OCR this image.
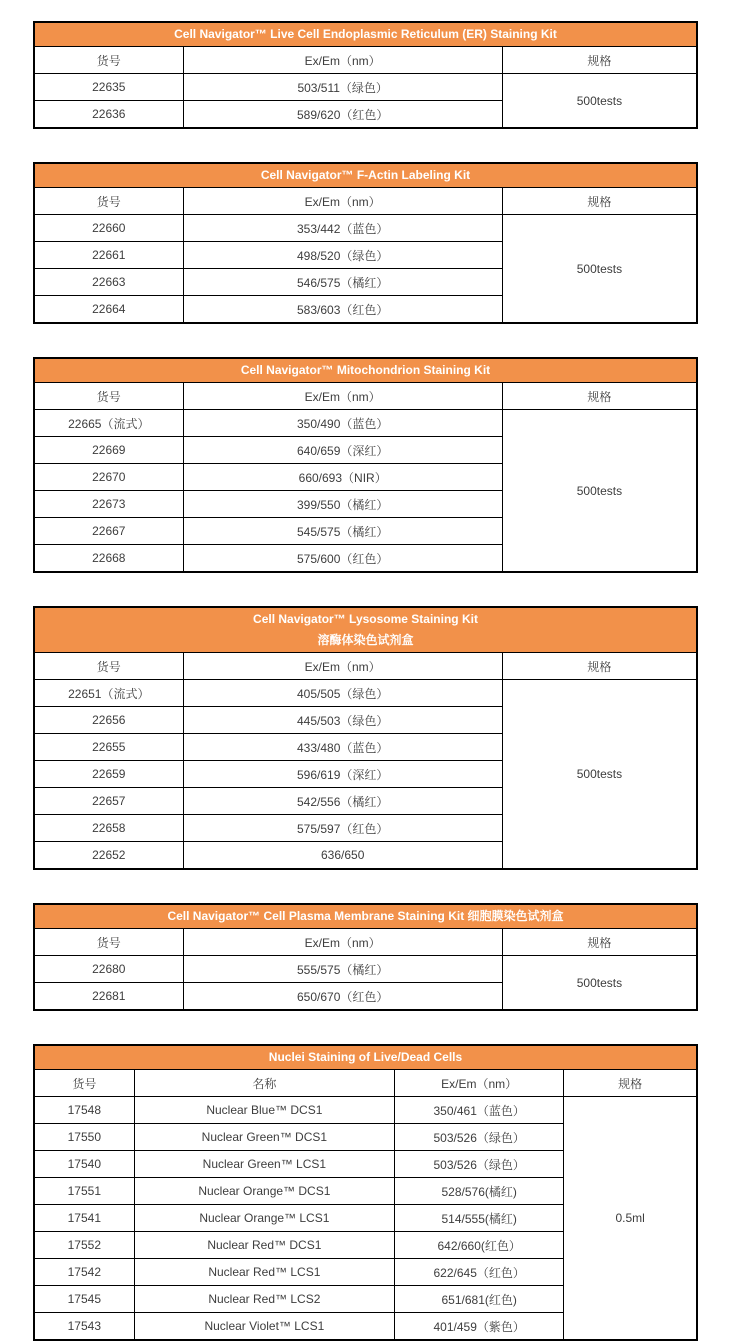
Cell Navigator™ Live Cell Endoplasmic Reticulum (ER) Staining Kit
货号	Ex/Em（nm）	规格
22635	503/511（绿色）	500tests
22636	589/620（红色）	
Cell Navigator™ F-Actin Labeling Kit
货号	Ex/Em（nm）	规格
22660	353/442（蓝色）	500tests
22661	498/520（绿色）	
22663	546/575（橘红）	
22664	583/603（红色）	
Cell Navigator™ Mitochondrion Staining Kit
货号	Ex/Em（nm）	规格
22665（流式）	350/490（蓝色）	500tests
22669	640/659（深红）	
22670	660/693（NIR）	
22673	399/550（橘红）	
22667	545/575（橘红）	
22668	575/600（红色）	
Cell Navigator™ Lysosome Staining Kit
溶酶体染色试剂盒
货号	Ex/Em（nm）	规格
22651（流式）	405/505（绿色）	500tests
22656	445/503（绿色）	
22655	433/480（蓝色）	
22659	596/619（深红）	
22657	542/556（橘红）	
22658	575/597（红色）	
22652	636/650	
Cell Navigator™ Cell Plasma Membrane Staining Kit 细胞膜染色试剂盒
货号	Ex/Em（nm）	规格
22680	555/575（橘红）	500tests
22681	650/670（红色）	
Nuclei Staining of Live/Dead Cells
货号	名称	Ex/Em（nm）	规格
17548	Nuclear Blue™ DCS1	350/461（蓝色）	0.5ml
17550	Nuclear Green™ DCS1	503/526（绿色）	
17540	Nuclear Green™ LCS1	503/526（绿色）	
17551	Nuclear Orange™ DCS1	528/576(橘红)	
17541	Nuclear Orange™ LCS1	514/555(橘红)	
17552	Nuclear Red™ DCS1	642/660(红色）	
17542	Nuclear Red™ LCS1	622/645（红色）	
17545	Nuclear Red™ LCS2	651/681(红色)	
17543	Nuclear Violet™ LCS1	401/459（紫色）	
